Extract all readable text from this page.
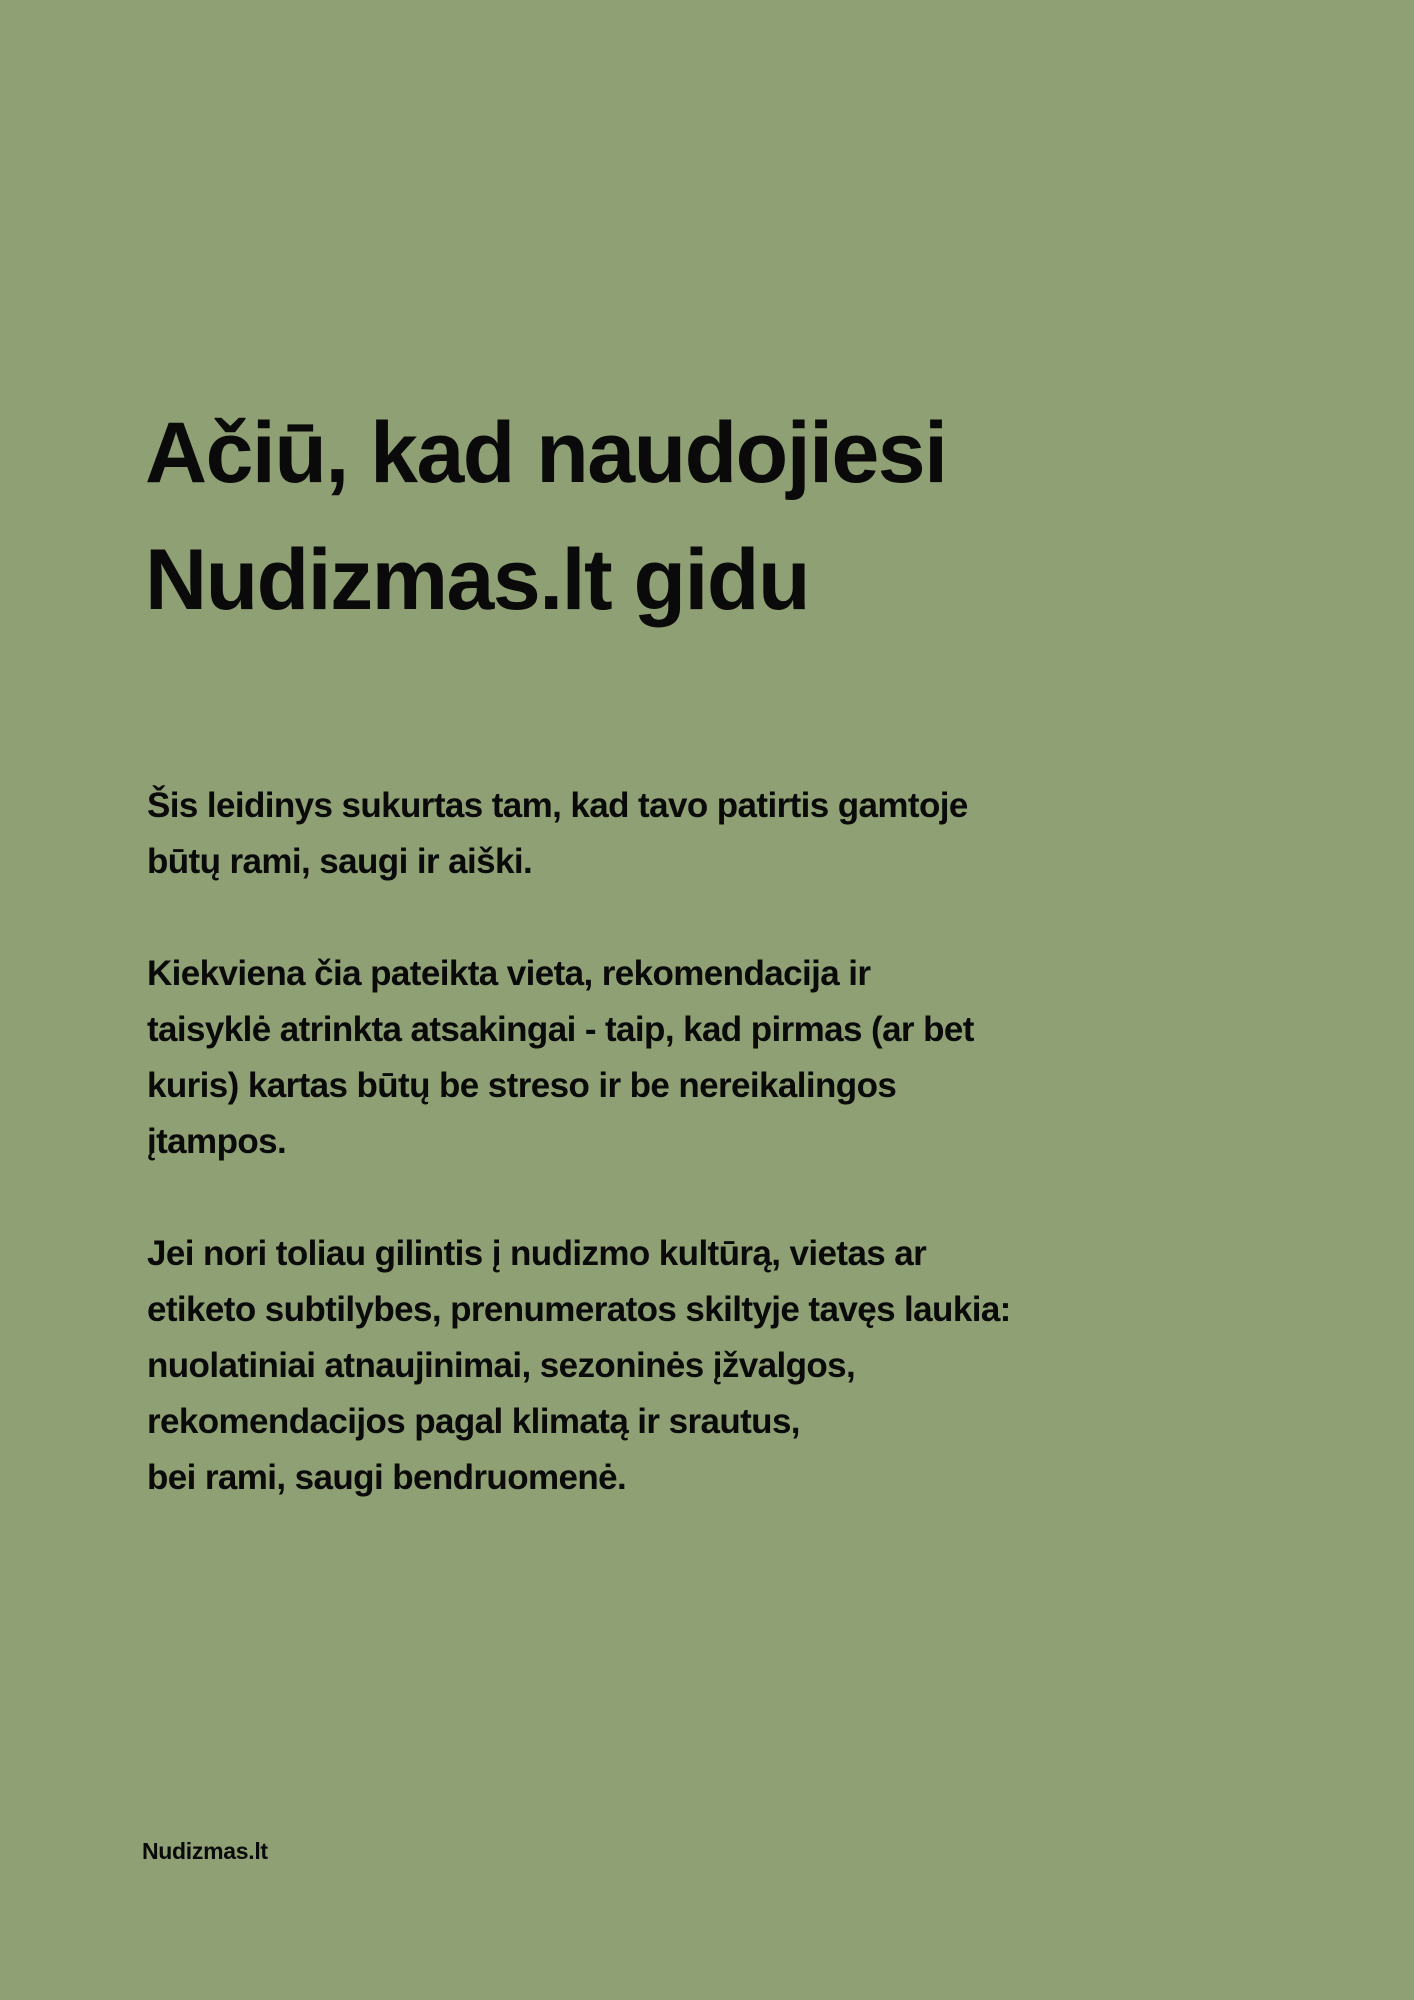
Ačiū, kad naudojiesi
Nudizmas.lt gidu

Šis leidinys sukurtas tam, kad tavo patirtis gamtoje
būtų rami, saugi ir aiški.

Kiekviena čia pateikta vieta, rekomendacija ir
taisyklė atrinkta atsakingai - taip, kad pirmas (ar bet
kuris) kartas būtų be streso ir be nereikalingos
įtampos.

Jei nori toliau gilintis į nudizmo kultūrą, vietas ar
etiketo subtilybes, prenumeratos skiltyje tavęs laukia:
nuolatiniai atnaujinimai, sezoninės įžvalgos,
rekomendacijos pagal klimatą ir srautus,
bei rami, saugi bendruomenė.

Nudizmas.lt
